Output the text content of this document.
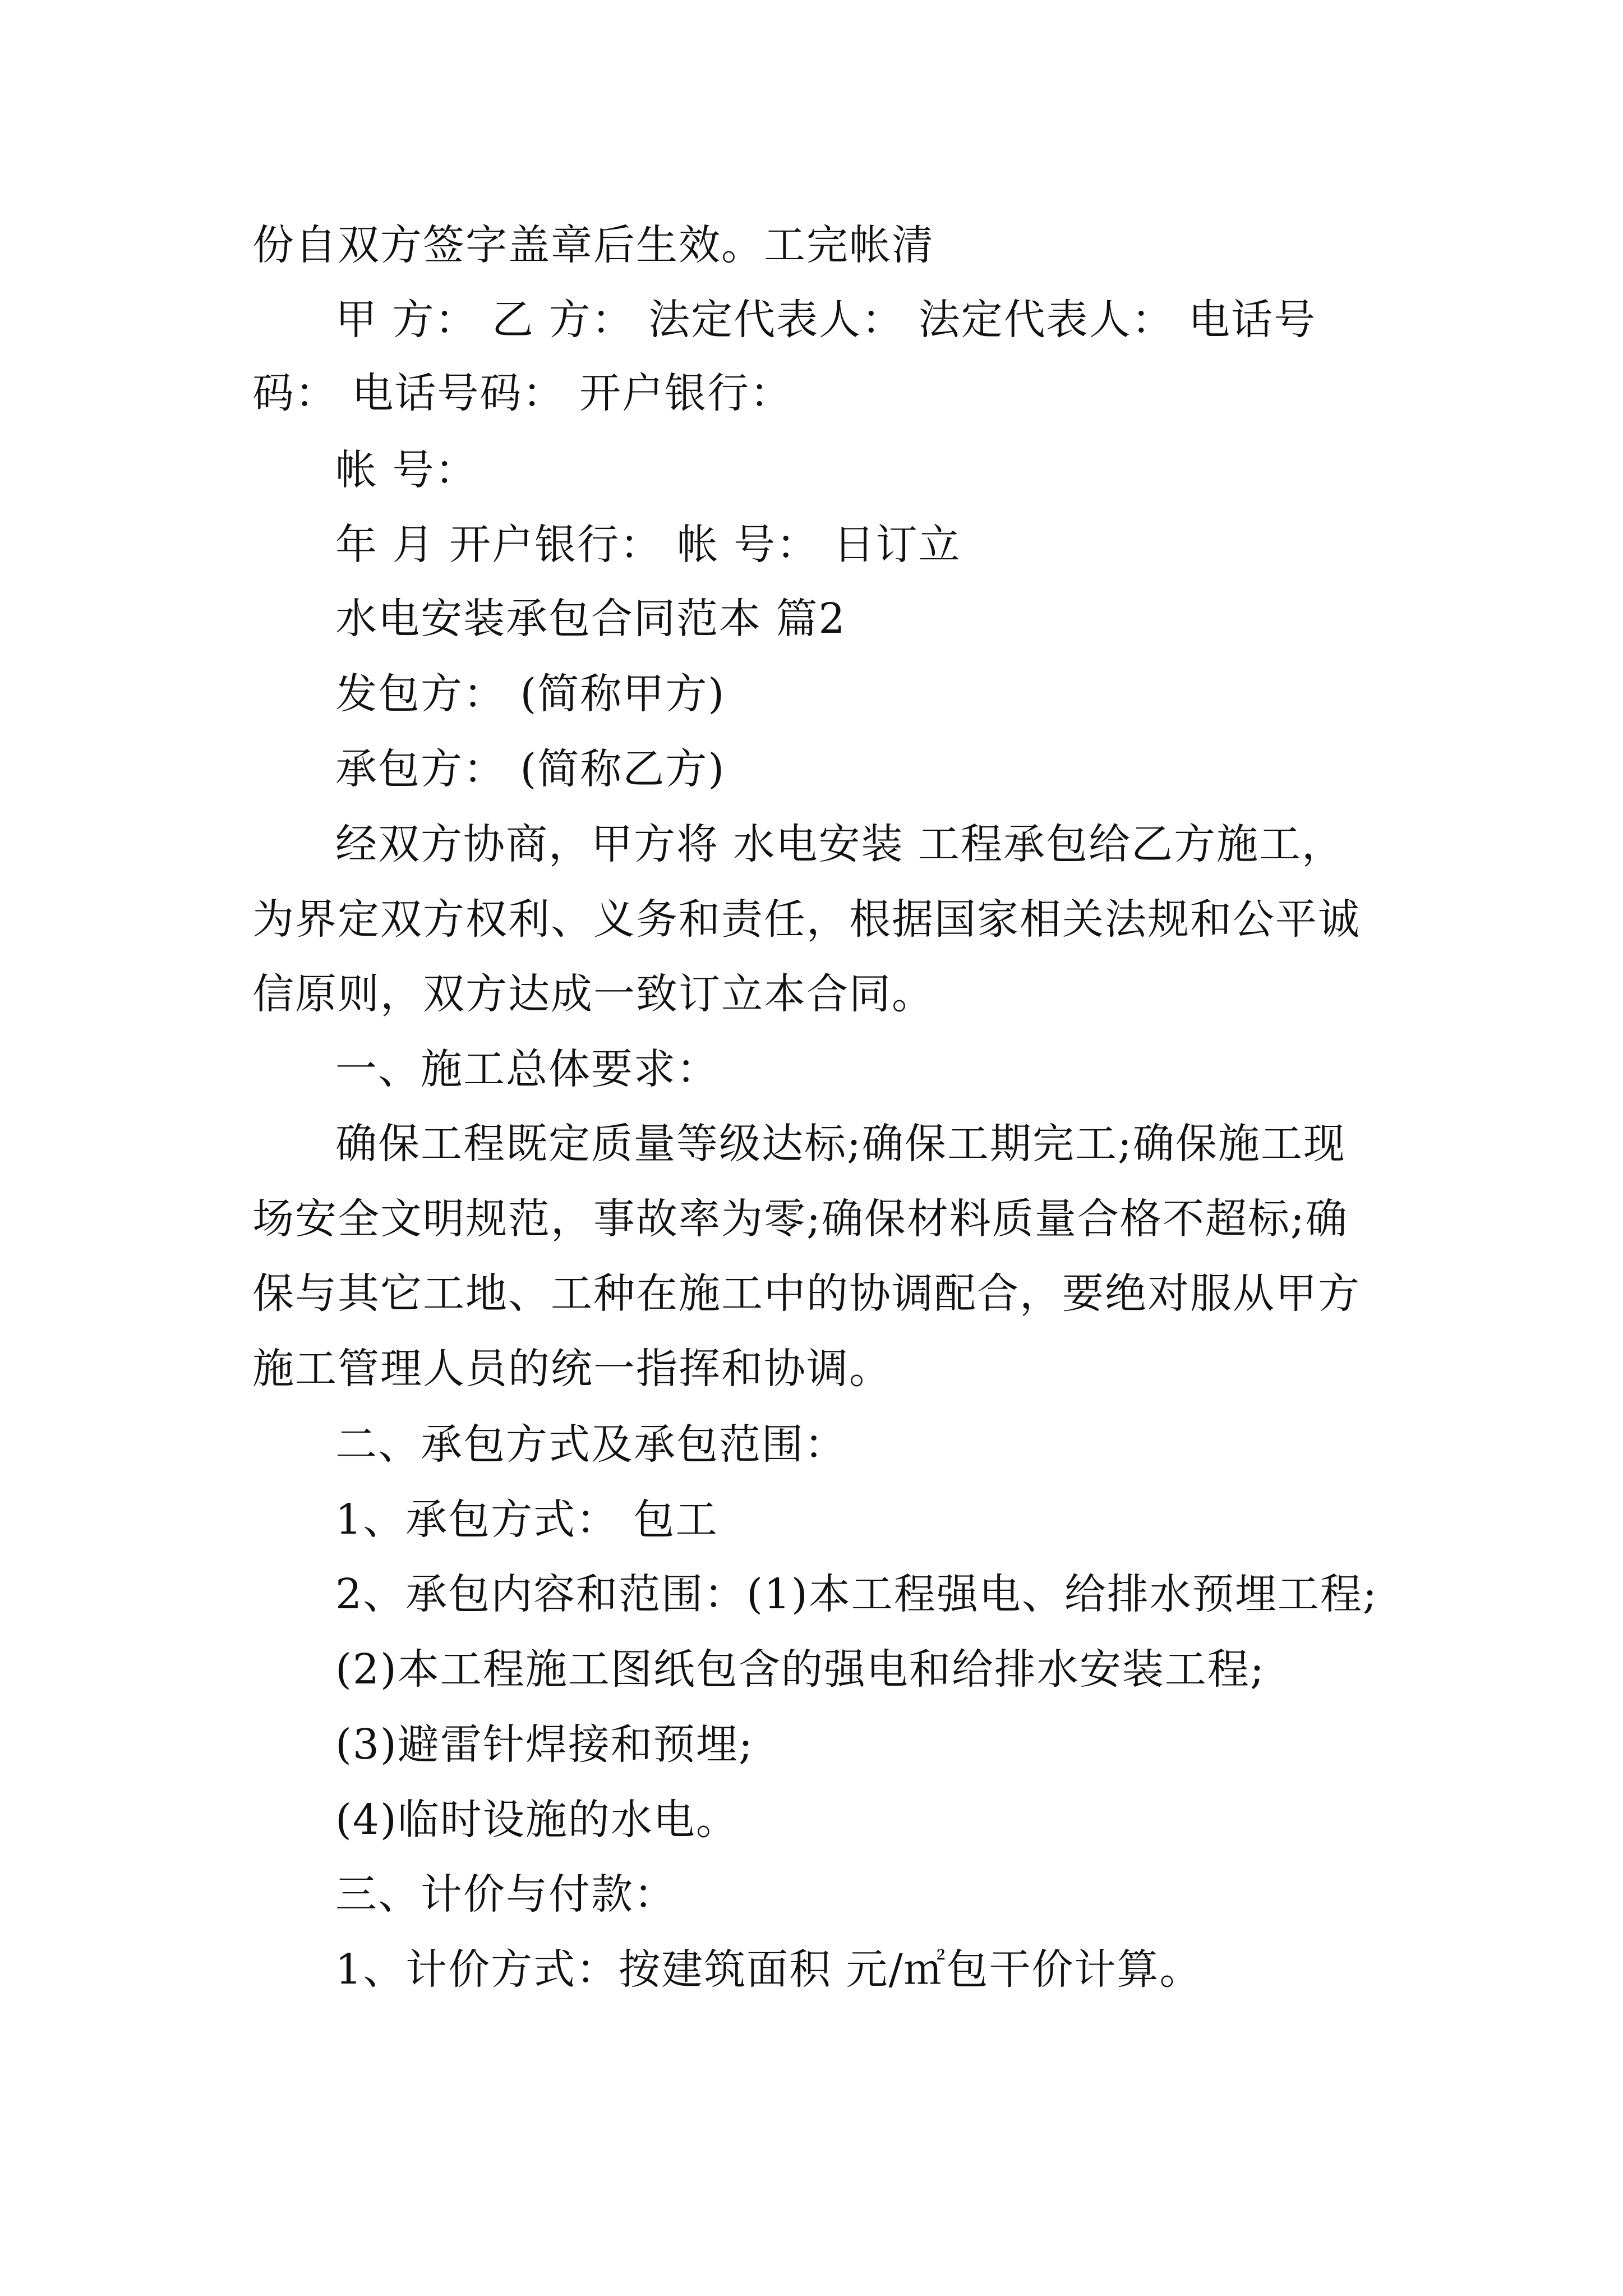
份自双方签字盖章后生效。工完帐清
甲 方： 乙 方： 法定代表人： 法定代表人： 电话号
码： 电话号码： 开户银行：
帐 号：
年 月 开户银行： 帐 号： 日订立
水电安装承包合同范本 篇2
发包方： (简称甲方)
承包方： (简称乙方)
经双方协商，甲方将 水电安装 工程承包给乙方施工，
为界定双方权利、义务和责任，根据国家相关法规和公平诚
信原则，双方达成一致订立本合同。
一、施工总体要求：
确保工程既定质量等级达标;确保工期完工;确保施工现
场安全文明规范，事故率为零;确保材料质量合格不超标;确
保与其它工地、工种在施工中的协调配合，要绝对服从甲方
施工管理人员的统一指挥和协调。
二、承包方式及承包范围：
1、承包方式： 包工
2、承包内容和范围：(1)本工程强电、给排水预埋工程;
(2)本工程施工图纸包含的强电和给排水安装工程;
(3)避雷针焊接和预埋;
(4)临时设施的水电。
三、计价与付款：
1、计价方式：按建筑面积 元/㎡包干价计算。
